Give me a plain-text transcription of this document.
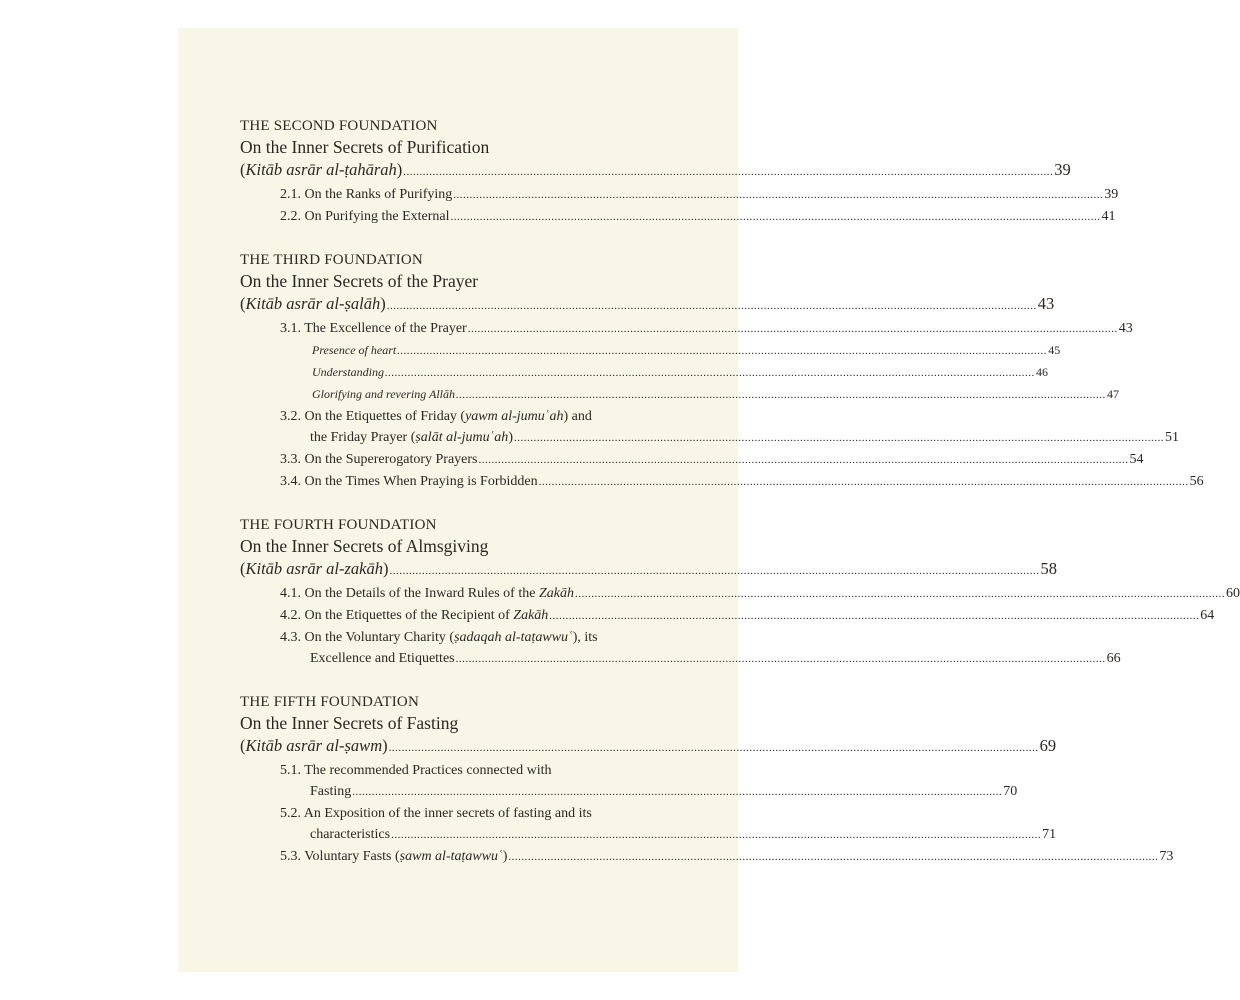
THE SECOND FOUNDATION
On the Inner Secrets of Purification
(Kitāb asrār al-ṭahārah) ........................................................................................................................................................................................................ 39
2.1. On the Ranks of Purifying ........................................................................................................................................................................................................ 39
2.2. On Purifying the External ........................................................................................................................................................................................................ 41
THE THIRD FOUNDATION
On the Inner Secrets of the Prayer
(Kitāb asrār al-ṣalāh) ........................................................................................................................................................................................................ 43
3.1. The Excellence of the Prayer ........................................................................................................................................................................................................ 43
Presence of heart ........................................................................................................................................................................................................ 45
Understanding ........................................................................................................................................................................................................ 46
Glorifying and revering Allāh ........................................................................................................................................................................................................ 47
3.2. On the Etiquettes of Friday (yawm al-jumuʿah) and
the Friday Prayer (ṣalāt al-jumuʿah) ........................................................................................................................................................................................................ 51
3.3. On the Supererogatory Prayers ........................................................................................................................................................................................................ 54
3.4. On the Times When Praying is Forbidden ........................................................................................................................................................................................................ 56
THE FOURTH FOUNDATION
On the Inner Secrets of Almsgiving
(Kitāb asrār al-zakāh) ........................................................................................................................................................................................................ 58
4.1. On the Details of the Inward Rules of the Zakāh ........................................................................................................................................................................................................ 60
4.2. On the Etiquettes of the Recipient of Zakāh ........................................................................................................................................................................................................ 64
4.3. On the Voluntary Charity (ṣadaqah al-taṭawwuʿ), its
Excellence and Etiquettes ........................................................................................................................................................................................................ 66
THE FIFTH FOUNDATION
On the Inner Secrets of Fasting
(Kitāb asrār al-ṣawm) ........................................................................................................................................................................................................ 69
5.1. The recommended Practices connected with
Fasting ........................................................................................................................................................................................................ 70
5.2. An Exposition of the inner secrets of fasting and its
characteristics ........................................................................................................................................................................................................ 71
5.3. Voluntary Fasts (ṣawm al-taṭawwuʿ) ........................................................................................................................................................................................................ 73
